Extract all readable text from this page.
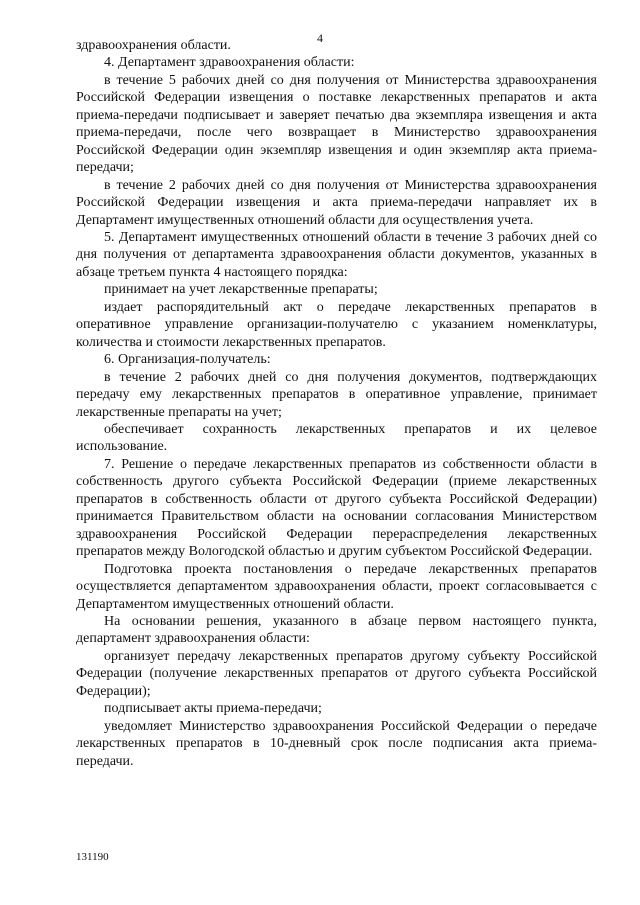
4

здравоохранения области.

4. Департамент здравоохранения области:

в течение 5 рабочих дней со дня получения от Министерства здравоохранения Российской Федерации извещения о поставке лекарственных препаратов и акта приема-передачи подписывает и заверяет печатью два экземпляра извещения и акта приема-передачи, после чего возвращает в Министерство здравоохранения Российской Федерации один экземпляр извещения и один экземпляр акта приема-передачи;

в течение 2 рабочих дней со дня получения от Министерства здравоохранения Российской Федерации извещения и акта приема-передачи направляет их в Департамент имущественных отношений области для осуществления учета.

5. Департамент имущественных отношений области в течение 3 рабочих дней со дня получения от департамента здравоохранения области документов, указанных в абзаце третьем пункта 4 настоящего порядка:

принимает на учет лекарственные препараты;

издает распорядительный акт о передаче лекарственных препаратов в оперативное управление организации-получателю с указанием номенклатуры, количества и стоимости лекарственных препаратов.

6. Организация-получатель:

в течение 2 рабочих дней со дня получения документов, подтверждающих передачу ему лекарственных препаратов в оперативное управление, принимает лекарственные препараты на учет;

обеспечивает сохранность лекарственных препаратов и их целевое использование.

7. Решение о передаче лекарственных препаратов из собственности области в собственность другого субъекта Российской Федерации (приеме лекарственных препаратов в собственность области от другого субъекта Российской Федерации) принимается Правительством области на основании согласования Министерством здравоохранения Российской Федерации перераспределения лекарственных препаратов между Вологодской областью и другим субъектом Российской Федерации.

Подготовка проекта постановления о передаче лекарственных препаратов осуществляется департаментом здравоохранения области, проект согласовывается с Департаментом имущественных отношений области.

На основании решения, указанного в абзаце первом настоящего пункта, департамент здравоохранения области:

организует передачу лекарственных препаратов другому субъекту Российской Федерации (получение лекарственных препаратов от другого субъекта Российской Федерации);

подписывает акты приема-передачи;

уведомляет Министерство здравоохранения Российской Федерации о передаче лекарственных препаратов в 10-дневный срок после подписания акта приема-передачи.

131190
